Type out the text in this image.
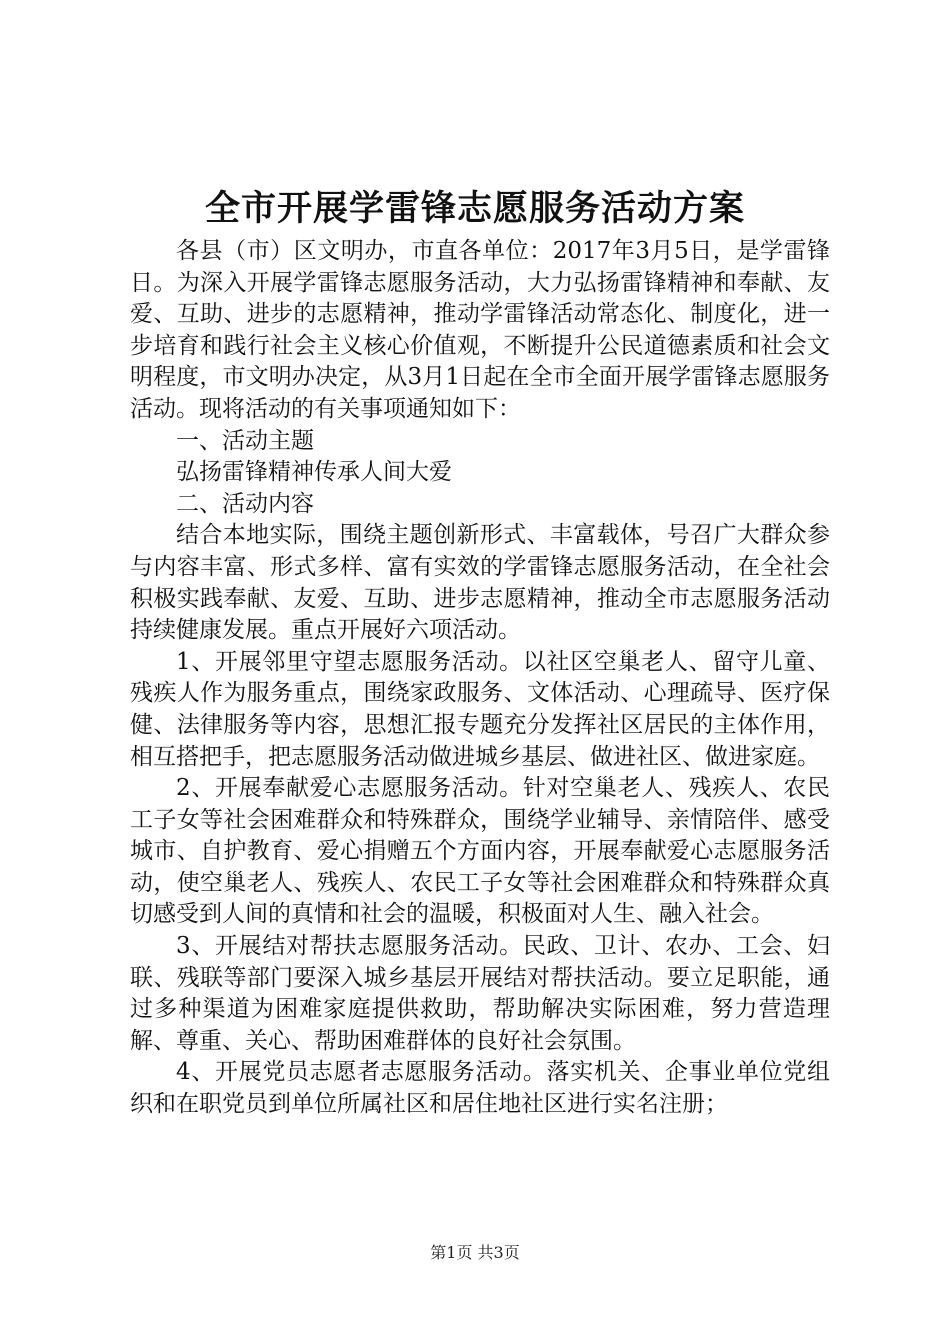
全市开展学雷锋志愿服务活动方案

各县（市）区文明办，市直各单位：2017年3月5日，是学雷锋日。为深入开展学雷锋志愿服务活动，大力弘扬雷锋精神和奉献、友爱、互助、进步的志愿精神，推动学雷锋活动常态化、制度化，进一步培育和践行社会主义核心价值观，不断提升公民道德素质和社会文明程度，市文明办决定，从3月1日起在全市全面开展学雷锋志愿服务活动。现将活动的有关事项通知如下：

一、活动主题

弘扬雷锋精神传承人间大爱

二、活动内容

结合本地实际，围绕主题创新形式、丰富载体，号召广大群众参与内容丰富、形式多样、富有实效的学雷锋志愿服务活动，在全社会积极实践奉献、友爱、互助、进步志愿精神，推动全市志愿服务活动持续健康发展。重点开展好六项活动。

1、开展邻里守望志愿服务活动。以社区空巢老人、留守儿童、残疾人作为服务重点，围绕家政服务、文体活动、心理疏导、医疗保健、法律服务等内容，思想汇报专题充分发挥社区居民的主体作用，相互搭把手，把志愿服务活动做进城乡基层、做进社区、做进家庭。

2、开展奉献爱心志愿服务活动。针对空巢老人、残疾人、农民工子女等社会困难群众和特殊群众，围绕学业辅导、亲情陪伴、感受城市、自护教育、爱心捐赠五个方面内容，开展奉献爱心志愿服务活动，使空巢老人、残疾人、农民工子女等社会困难群众和特殊群众真切感受到人间的真情和社会的温暖，积极面对人生、融入社会。

3、开展结对帮扶志愿服务活动。民政、卫计、农办、工会、妇联、残联等部门要深入城乡基层开展结对帮扶活动。要立足职能，通过多种渠道为困难家庭提供救助，帮助解决实际困难，努力营造理解、尊重、关心、帮助困难群体的良好社会氛围。

4、开展党员志愿者志愿服务活动。落实机关、企事业单位党组织和在职党员到单位所属社区和居住地社区进行实名注册；

第1页 共3页
